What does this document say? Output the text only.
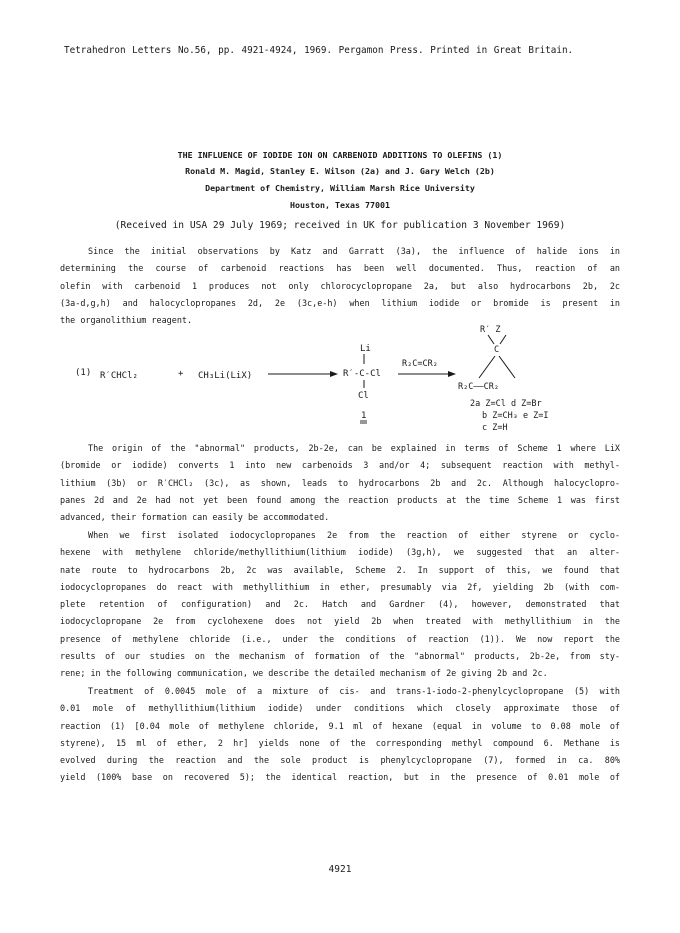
Tetrahedron Letters No.56, pp. 4921-4924, 1969. Pergamon Press. Printed in Great Britain.
THE INFLUENCE OF IODIDE ION ON CARBENOID ADDITIONS TO OLEFINS (1)
Ronald M. Magid, Stanley E. Wilson (2a) and J. Gary Welch (2b)
Department of Chemistry, William Marsh Rice University
Houston, Texas 77001
(Received in USA 29 July 1969; received in UK for publication 3 November 1969)
Since the initial observations by Katz and Garratt (3a), the influence of halide ions in
determining the course of carbenoid reactions has been well documented. Thus, reaction of an
olefin with carbenoid 1 produces not only chlorocyclopropane 2a, but also hydrocarbons 2b, 2c
(3a-d,g,h) and halocyclopropanes 2d, 2e (3c,e-h) when lithium iodide or bromide is present in
the organolithium reagent.
(1) R′CHCl₂	+ CH₃Li(LiX)
Li
R′-C-Cl
Cl
1
R₂C=CR₂
R′ Z
C
R₂C——CR₂
2a Z=Cl d Z=Br
b Z=CH₃ e Z=I
c Z=H
The origin of the "abnormal" products, 2b-2e, can be explained in terms of Scheme 1 where LiX
(bromide or iodide) converts 1 into new carbenoids 3 and/or 4; subsequent reaction with methyl-
lithium (3b) or R′CHCl₂ (3c), as shown, leads to hydrocarbons 2b and 2c. Although halocyclopro-
panes 2d and 2e had not yet been found among the reaction products at the time Scheme 1 was first
advanced, their formation can easily be accommodated.
When we first isolated iodocyclopropanes 2e from the reaction of either styrene or cyclo-
hexene with methylene chloride/methyllithium(lithium iodide) (3g,h), we suggested that an alter-
nate route to hydrocarbons 2b, 2c was available, Scheme 2. In support of this, we found that
iodocyclopropanes do react with methyllithium in ether, presumably via 2f, yielding 2b (with com-
plete retention of configuration) and 2c. Hatch and Gardner (4), however, demonstrated that
iodocyclopropane 2e from cyclohexene does not yield 2b when treated with methyllithium in the
presence of methylene chloride (i.e., under the conditions of reaction (1)). We now report the
results of our studies on the mechanism of formation of the "abnormal" products, 2b-2e, from sty-
rene; in the following communication, we describe the detailed mechanism of 2e giving 2b and 2c.
Treatment of 0.0045 mole of a mixture of cis- and trans-1-iodo-2-phenylcyclopropane (5) with
0.01 mole of methyllithium(lithium iodide) under conditions which closely approximate those of
reaction (1) [0.04 mole of methylene chloride, 9.1 ml of hexane (equal in volume to 0.08 mole of
styrene), 15 ml of ether, 2 hr] yields none of the corresponding methyl compound 6. Methane is
evolved during the reaction and the sole product is phenylcyclopropane (7), formed in ca. 80%
yield (100% base on recovered 5); the identical reaction, but in the presence of 0.01 mole of
4921
